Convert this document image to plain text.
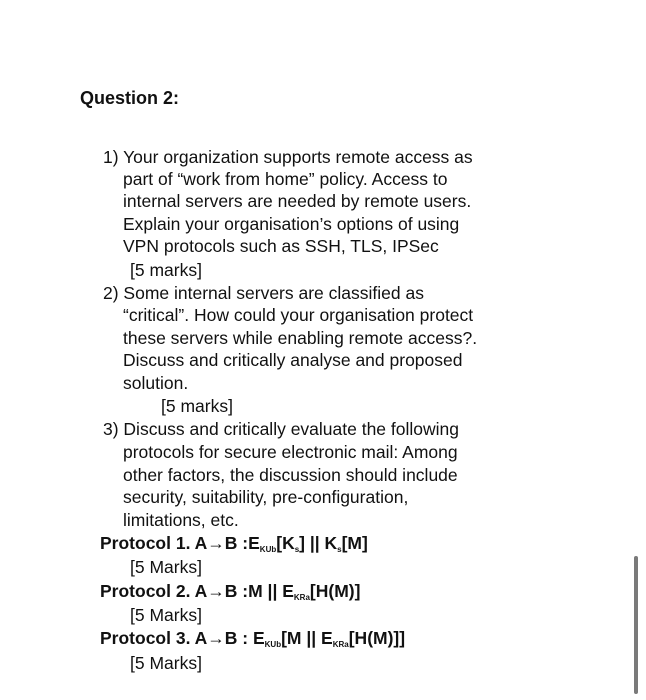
Question 2:
1) Your organization supports remote access as
part of “work from home” policy. Access to
internal servers are needed by remote users.
Explain your organisation’s options of using
VPN protocols such as SSH, TLS, IPSec
[5 marks]
2) Some internal servers are classified as
“critical”. How could your organisation protect
these servers while enabling remote access?.
Discuss and critically analyse and proposed
solution.
[5 marks]
3) Discuss and critically evaluate the following
protocols for secure electronic mail: Among
other factors, the discussion should include
security, suitability, pre-configuration,
limitations, etc.
Protocol 1. A→B $:E_{KUb}[K_s]$ || $K_s[M]$
[5 Marks]
Protocol 2. A→B :M || $E_{KRa}[H(M)]$
[5 Marks]
Protocol 3. A→B : $E_{KUb}[M$ || $E_{KRa}[H(M)]$]
[5 Marks]
